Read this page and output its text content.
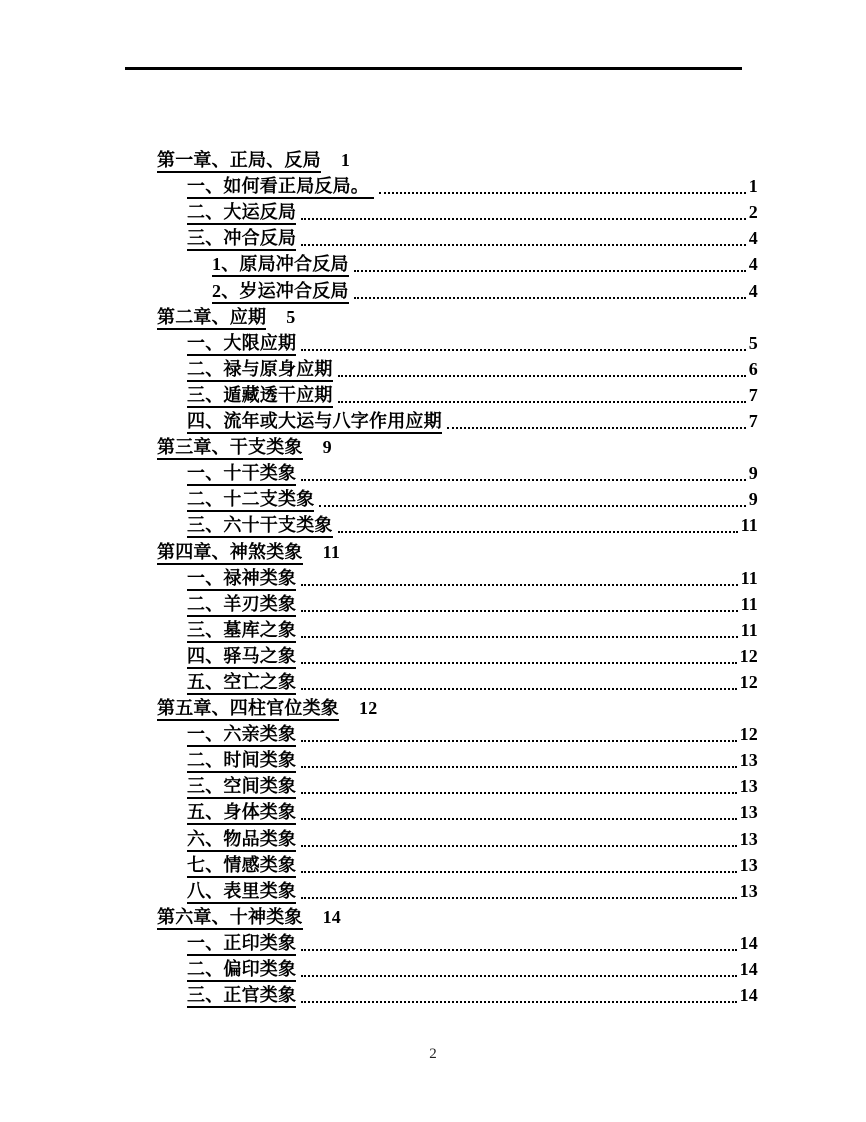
第一章、正局、反局 1
一、如何看正局反局。	1
二、大运反局	2
三、冲合反局	4
1、原局冲合反局	4
2、岁运冲合反局	4
第二章、应期 5
一、大限应期	5
二、禄与原身应期	6
三、遁藏透干应期	7
四、流年或大运与八字作用应期	7
第三章、干支类象 9
一、十干类象	9
二、十二支类象	9
三、六十干支类象	11
第四章、神煞类象 11
一、禄神类象	11
二、羊刃类象	11
三、墓库之象	11
四、驿马之象	12
五、空亡之象	12
第五章、四柱官位类象 12
一、六亲类象	12
二、时间类象	13
三、空间类象	13
五、身体类象	13
六、物品类象	13
七、情感类象	13
八、表里类象	13
第六章、十神类象 14
一、正印类象	14
二、偏印类象	14
三、正官类象	14
2
